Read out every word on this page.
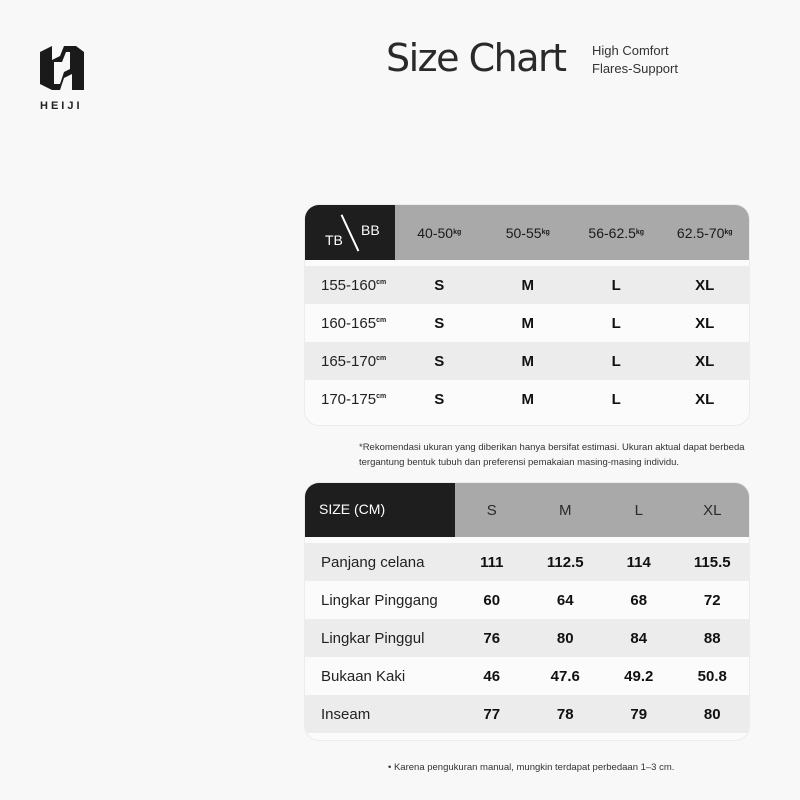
HEIJI
Size Chart High Comfort
Flares-Support
TB
BB	40-50 kg	50-55 kg	56-62.5 kg 62.5-70 kg
$155-160^{cm}$	S	M	L	XL
$160-165^{cm}$	S	M	L	XL
$165-170^{cm}$	S	M	L	XL
$170-175^{cm}$	S	M	L	XL
*Rekomendasi ukuran yang diberikan hanya bersifat estimasi. Ukuran aktual dapat berbeda tergantung bentuk tubuh dan preferensi pemakaian masing-masing individu.
SIZE (CM)	S	M	L	XL
Panjang celana	111	112.5	114	115.5
Lingkar Pinggang	60	64	68	72
Lingkar Pinggul	76	80	84	88
Bukaan Kaki	46	47.6	49.2	50.8
Inseam	77	78	79	80
• Karena pengukuran manual, mungkin terdapat perbedaan 1–3 cm.
